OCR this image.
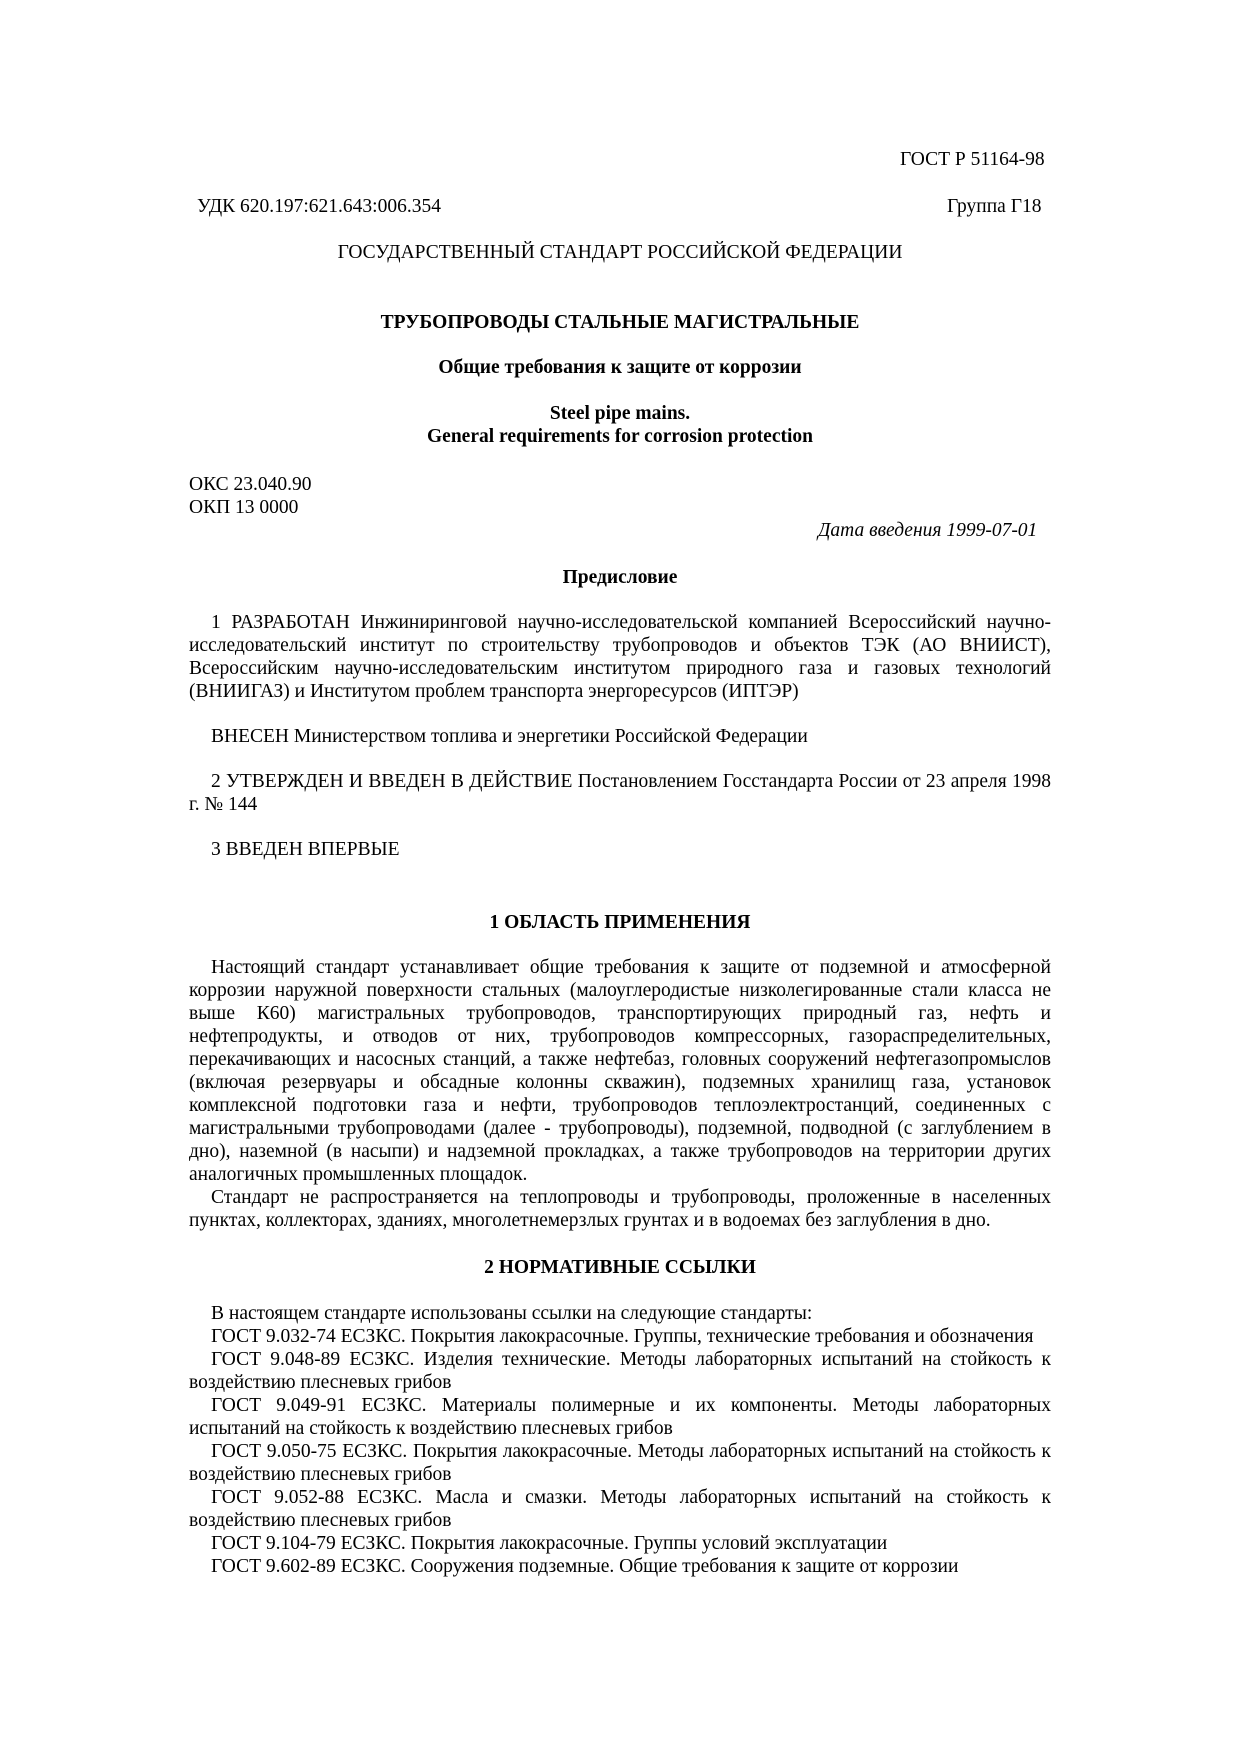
ГОСТ Р 51164-98
УДК 620.197:621.643:006.354	Группа Г18
ГОСУДАРСТВЕННЫЙ СТАНДАРТ РОССИЙСКОЙ ФЕДЕРАЦИИ
ТРУБОПРОВОДЫ СТАЛЬНЫЕ МАГИСТРАЛЬНЫЕ
Общие требования к защите от коррозии
Steel pipe mains.
General requirements for corrosion protection
ОКС 23.040.90
ОКП 13 0000
Дата введения 1999-07-01
Предисловие

1 РАЗРАБОТАН Инжиниринговой научно-исследовательской компанией Всероссийский научно-исследовательский институт по строительству трубопроводов и объектов ТЭК (АО ВНИИСТ), Всероссийским научно-исследовательским институтом природного газа и газовых технологий (ВНИИГАЗ) и Институтом проблем транспорта энергоресурсов (ИПТЭР)

ВНЕСЕН Министерством топлива и энергетики Российской Федерации

2 УТВЕРЖДЕН И ВВЕДЕН В ДЕЙСТВИЕ Постановлением Госстандарта России от 23 апреля 1998 г. № 144

3 ВВЕДЕН ВПЕРВЫЕ

1 ОБЛАСТЬ ПРИМЕНЕНИЯ

Настоящий стандарт устанавливает общие требования к защите от подземной и атмосферной коррозии наружной поверхности стальных (малоуглеродистые низколегированные стали класса не выше К60) магистральных трубопроводов, транспортирующих природный газ, нефть и нефтепродукты, и отводов от них, трубопроводов компрессорных, газораспределительных, перекачивающих и насосных станций, а также нефтебаз, головных сооружений нефтегазопромыслов (включая резервуары и обсадные колонны скважин), подземных хранилищ газа, установок комплексной подготовки газа и нефти, трубопроводов теплоэлектростанций, соединенных с магистральными трубопроводами (далее - трубопроводы), подземной, подводной (с заглублением в дно), наземной (в насыпи) и надземной прокладках, а также трубопроводов на территории других аналогичных промышленных площадок.

Стандарт не распространяется на теплопроводы и трубопроводы, проложенные в населенных пунктах, коллекторах, зданиях, многолетнемерзлых грунтах и в водоемах без заглубления в дно.

2 НОРМАТИВНЫЕ ССЫЛКИ

В настоящем стандарте использованы ссылки на следующие стандарты:

ГОСТ 9.032-74 ЕСЗКС. Покрытия лакокрасочные. Группы, технические требования и обозначения

ГОСТ 9.048-89 ЕСЗКС. Изделия технические. Методы лабораторных испытаний на стойкость к воздействию плесневых грибов

ГОСТ 9.049-91 ЕСЗКС. Материалы полимерные и их компоненты. Методы лабораторных испытаний на стойкость к воздействию плесневых грибов

ГОСТ 9.050-75 ЕСЗКС. Покрытия лакокрасочные. Методы лабораторных испытаний на стойкость к воздействию плесневых грибов

ГОСТ 9.052-88 ЕСЗКС. Масла и смазки. Методы лабораторных испытаний на стойкость к воздействию плесневых грибов

ГОСТ 9.104-79 ЕСЗКС. Покрытия лакокрасочные. Группы условий эксплуатации

ГОСТ 9.602-89 ЕСЗКС. Сооружения подземные. Общие требования к защите от коррозии
